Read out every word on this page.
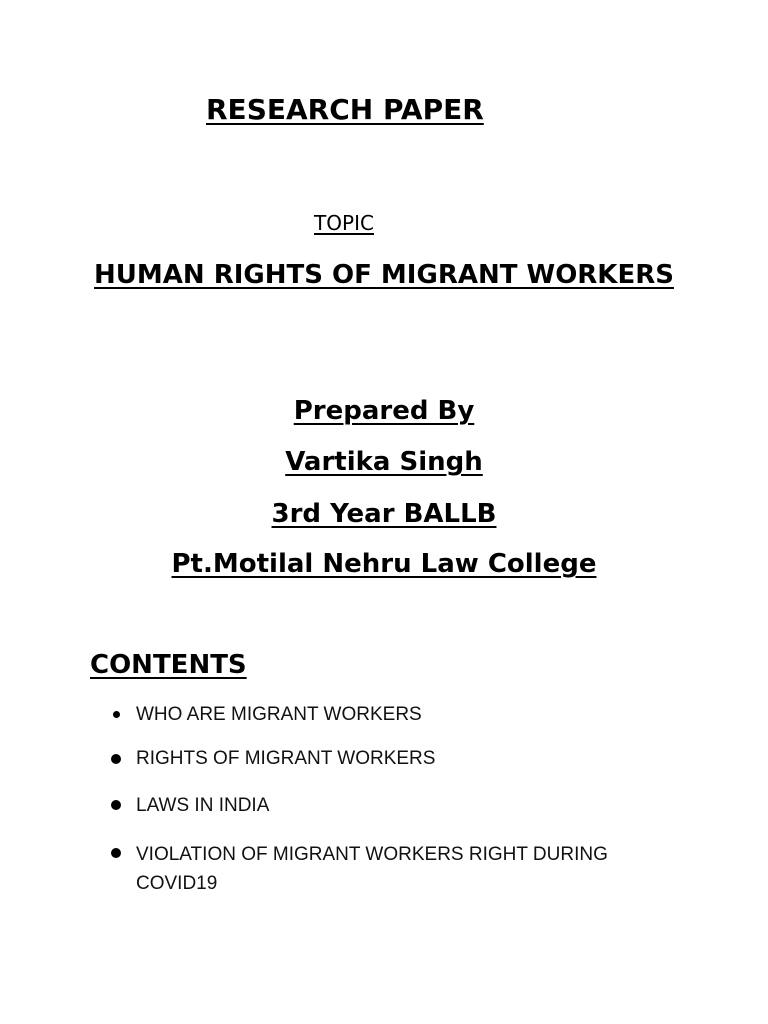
RESEARCH PAPER

TOPIC

HUMAN RIGHTS OF MIGRANT WORKERS

Prepared By

Vartika Singh

3rd Year BALLB

Pt.Motilal Nehru Law College

CONTENTS
WHO ARE MIGRANT WORKERS
RIGHTS OF MIGRANT WORKERS
LAWS IN INDIA
VIOLATION OF MIGRANT WORKERS RIGHT DURING COVID19
